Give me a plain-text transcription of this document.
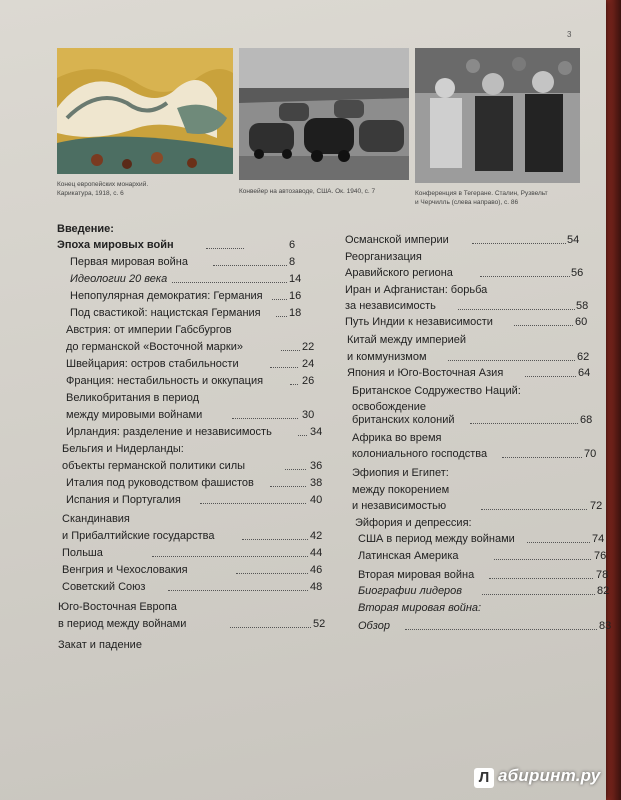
3
Конец европейских монархий.
Карикатура, 1918, с. 6	Конвейер на автозаводе, США. Ок. 1940, с. 7	Конференция в Тегеране. Сталин, Рузвельт
и Черчилль (слева направо), с. 86
Введение:
Эпоха мировых войн	6
Первая мировая война	8
Идеологии 20 века	14
Непопулярная демократия: Германия 16
Под свастикой: нацистская Германия	18
Австрия: от империи Габсбургов
до германской «Восточной марки»	22
Швейцария: остров стабильности	24
Франция: нестабильность и оккупация	26
Великобритания в период
между мировыми войнами	30
Ирландия: разделение и независимость	34
Бельгия и Нидерланды:
объекты германской политики силы	36
Италия под руководством фашистов	38
Испания и Португалия	40
Скандинавия
и Прибалтийские государства	42
Польша	44
Венгрия и Чехословакия	46
Советский Союз	48
Юго-Восточная Европа
в период между войнами	52
Закат и падение
Османской империи	54
Реорганизация
Аравийского региона	56
Иран и Афганистан: борьба
за независимость	58
Путь Индии к независимости	60
Китай между империей
и коммунизмом	62
Япония и Юго-Восточная Азия	64
Британское Содружество Наций:
освобождение
британских колоний	68
Африка во время
колониального господства	70
Эфиопия и Египет:
между покорением
и независимостью	72
Эйфория и депрессия:
США в период между войнами	74
Латинская Америка	76
Вторая мировая война	78
Биографии лидеров	82
Вторая мировая война:
Обзор	83
Л абиринт.ру
